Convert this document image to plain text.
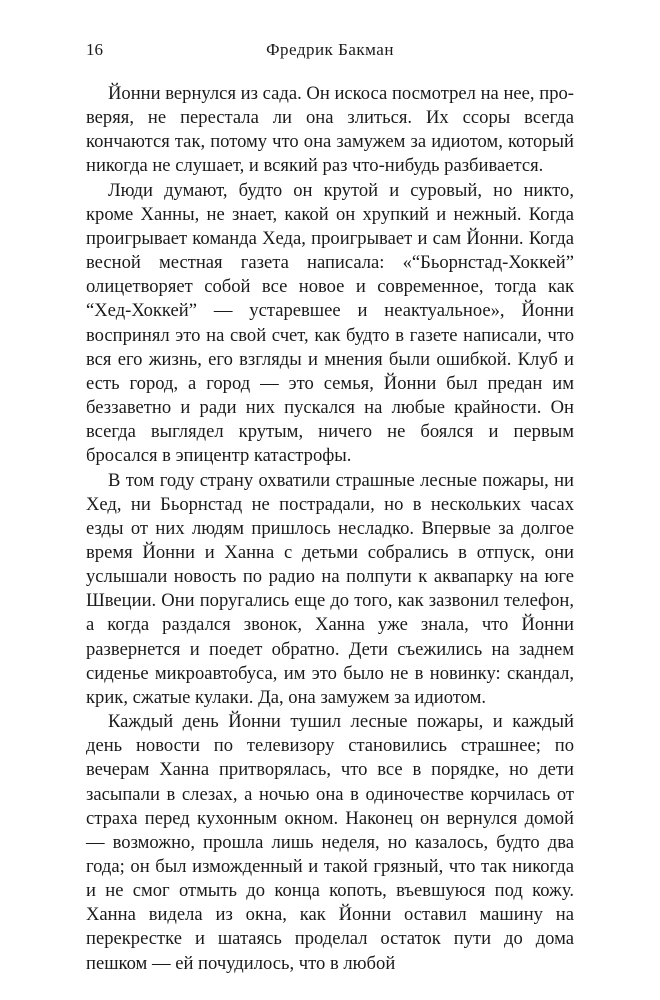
16	Фредрик Бакман

Йонни вернулся из сада. Он искоса посмотрел на нее, проверяя, не перестала ли она злиться. Их ссоры всегда кончаются так, потому что она замужем за идиотом, который никогда не слушает, и всякий раз что-нибудь разбивается.

Люди думают, будто он крутой и суровый, но никто, кроме Ханны, не знает, какой он хрупкий и нежный. Когда проигрывает команда Хеда, проигрывает и сам Йонни. Когда весной местная газета написала: «“Бьорнстад-Хоккей” олицетворяет собой все новое и современное, тогда как “Хед-Хоккей” — устаревшее и неактуальное», Йонни воспринял это на свой счет, как будто в газете написали, что вся его жизнь, его взгляды и мнения были ошибкой. Клуб и есть город, а город — это семья, Йонни был предан им беззаветно и ради них пускался на любые крайности. Он всегда выглядел крутым, ничего не боялся и первым бросался в эпицентр катастрофы.

В том году страну охватили страшные лесные пожары, ни Хед, ни Бьорнстад не пострадали, но в нескольких часах езды от них людям пришлось несладко. Впервые за долгое время Йонни и Ханна с детьми собрались в отпуск, они услышали новость по радио на полпути к аквапарку на юге Швеции. Они поругались еще до того, как зазвонил телефон, а когда раздался звонок, Ханна уже знала, что Йонни развернется и поедет обратно. Дети съежились на заднем сиденье микроавтобуса, им это было не в новинку: скандал, крик, сжатые кулаки. Да, она замужем за идиотом.

Каждый день Йонни тушил лесные пожары, и каждый день новости по телевизору становились страшнее; по вечерам Ханна притворялась, что все в порядке, но дети засыпали в слезах, а ночью она в одиночестве корчилась от страха перед кухонным окном. Наконец он вернулся домой — возможно, прошла лишь неделя, но казалось, будто два года; он был изможденный и такой грязный, что так никогда и не смог отмыть до конца копоть, въевшуюся под кожу. Ханна видела из окна, как Йонни оставил машину на перекрестке и шатаясь проделал остаток пути до дома пешком — ей почудилось, что в любой
